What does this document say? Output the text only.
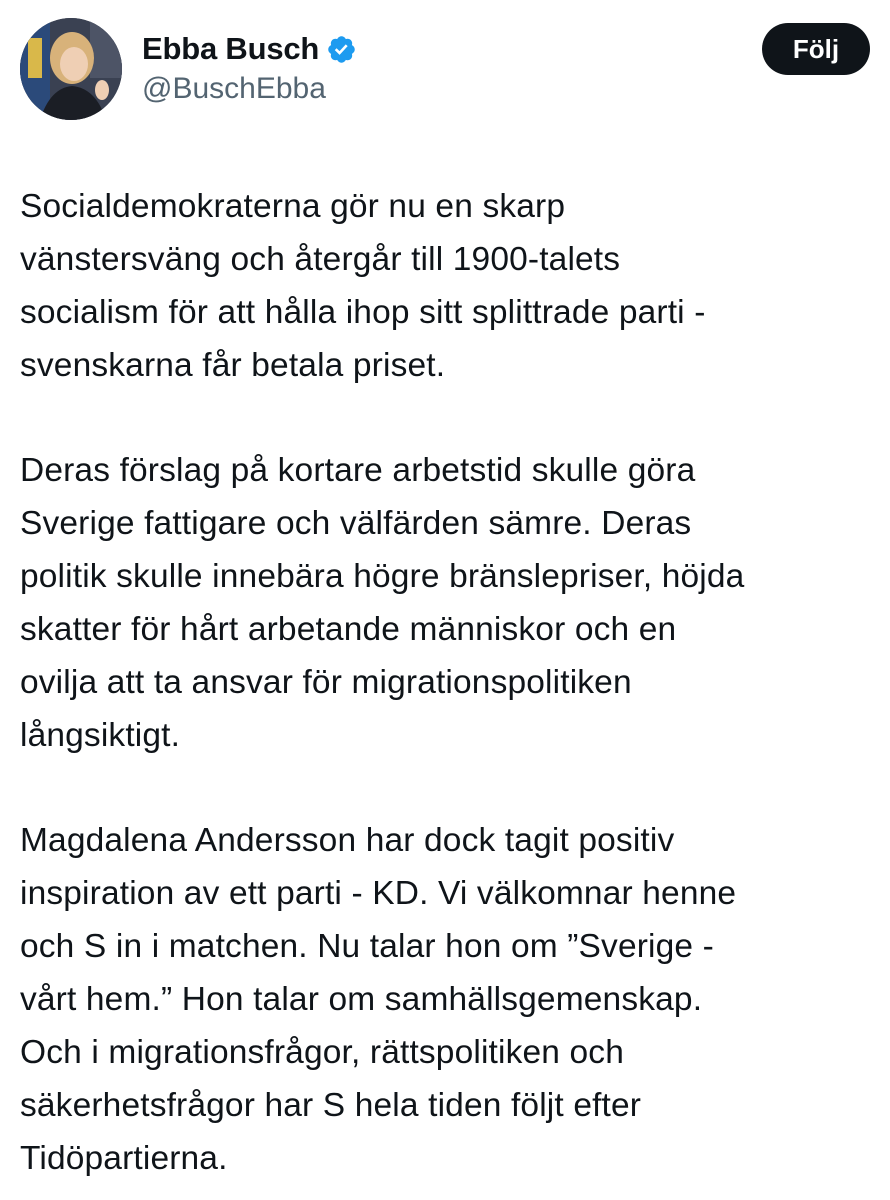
Ebba Busch
@BuschEbba
Följ

Socialdemokraterna gör nu en skarp
vänstersväng och återgår till 1900-talets
socialism för att hålla ihop sitt splittrade parti -
svenskarna får betala priset.

Deras förslag på kortare arbetstid skulle göra
Sverige fattigare och välfärden sämre. Deras
politik skulle innebära högre bränslepriser, höjda
skatter för hårt arbetande människor och en
ovilja att ta ansvar för migrationspolitiken
långsiktigt.

Magdalena Andersson har dock tagit positiv
inspiration av ett parti - KD. Vi välkomnar henne
och S in i matchen. Nu talar hon om ”Sverige -
vårt hem.” Hon talar om samhällsgemenskap.
Och i migrationsfrågor, rättspolitiken och
säkerhetsfrågor har S hela tiden följt efter
Tidöpartierna.
